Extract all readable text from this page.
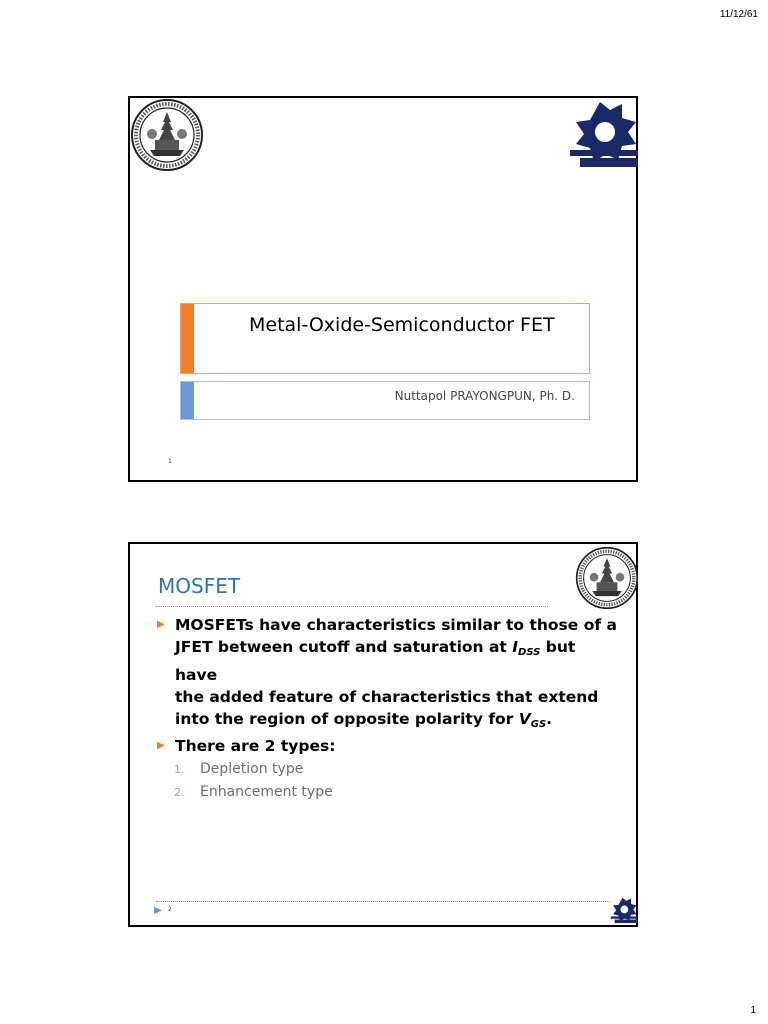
11/12/61
Metal-Oxide-Semiconductor FET
Nuttapol PRAYONGPUN, Ph. D.
1
MOSFET
▶ MOSFETs have characteristics similar to those of a
JFET between cutoff and saturation at $I_{DSS}$ but have
the added feature of characteristics that extend
into the region of opposite polarity for $V_{GS}$.
▶ There are 2 types:
1. Depletion type
2. Enhancement type
▶ 2
1
